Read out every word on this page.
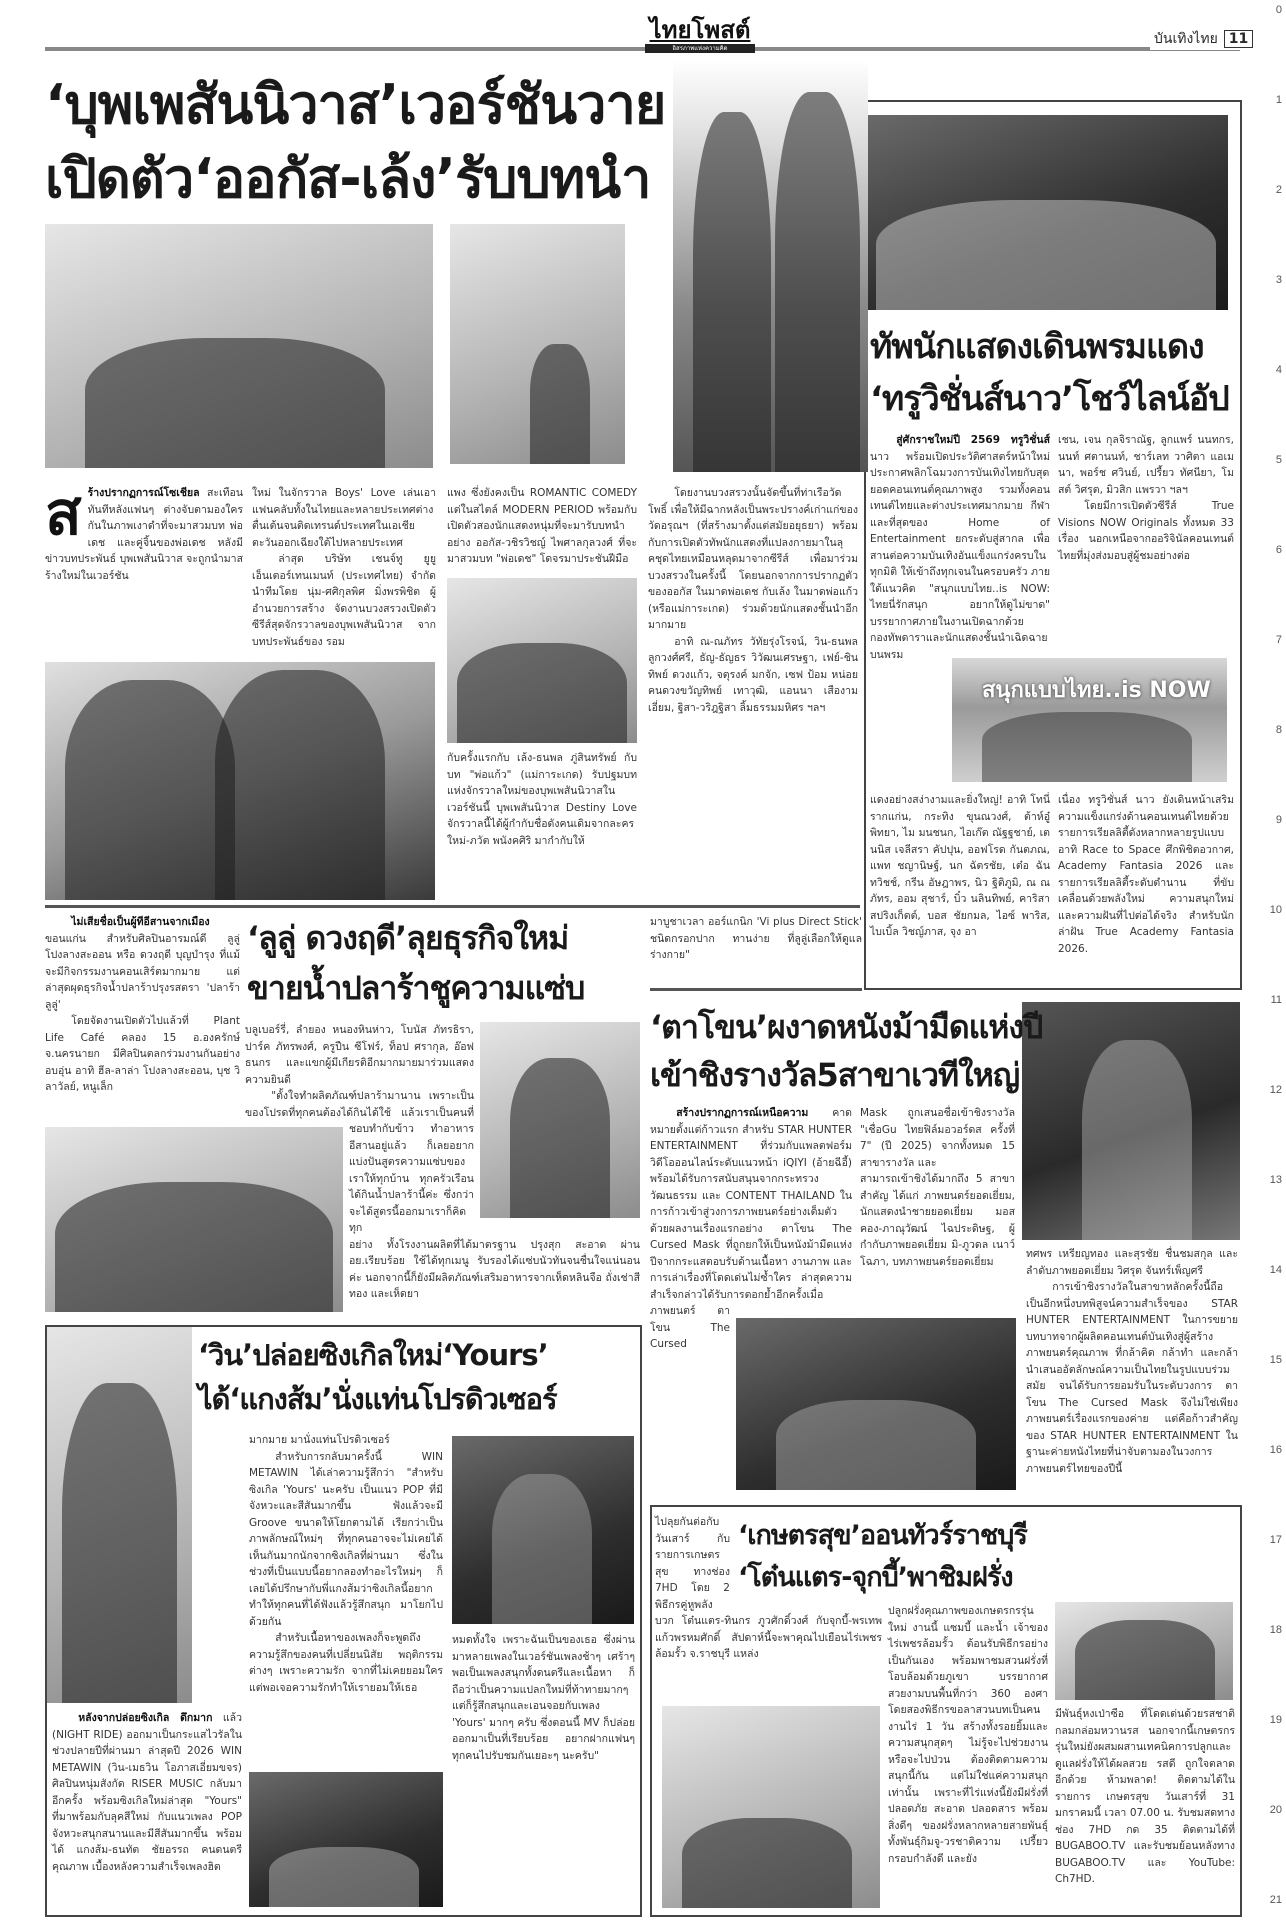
ไทยโพสต์
อิสรภาพแห่งความคิด
บันเทิงไทย 11
0
1
2
3
4
5
6
7
8
9
10
11
12
13
14
15
16
17
18
19
20
21
‘บุพเพสันนิวาส’เวอร์ชันวาย
เปิดตัว‘ออกัส-เล้ง’รับบทนำ
สร้างปรากฏการณ์โซเชียล สะเทือนทันทีหลังแฟนๆ ต่างจับตามองใครกันในภาพเงาดำที่จะมาสวมบท พ่อเดช และคู่จิ้นของพ่อเดช หลังมีข่าวบทประพันธ์ บุพเพสันนิวาส จะถูกนำมาสร้างใหม่ในเวอร์ชัน

ใหม่ ในจักรวาล Boys' Love เล่นเอาแฟนคลับทั้งในไทยและหลายประเทศต่างตื่นเต้นจนติดเทรนด์ประเทศในเอเชียตะวันออกเฉียงใต้ไปหลายประเทศ

ล่าสุด บริษัท เชนจ์ทู ยูยู เอ็นเตอร์เทนเมนท์ (ประเทศไทย) จำกัด นำทีมโดย นุ่ม-ศศิกุลพิศ มิ่งพรพิชิต ผู้อำนวยการสร้าง จัดงานบวงสรวงเปิดตัวซีรีส์สุดจักรวาลของบุพเพสันนิวาส จากบทประพันธ์ของ รอม

แพง ซึ่งยังคงเป็น ROMANTIC COMEDY แต่ในสไตล์ MODERN PERIOD พร้อมกับเปิดตัวสองนักแสดงหนุ่มที่จะมารับบทนำ อย่าง ออกัส-วชิรวิชญ์ ไพศาลกุลวงศ์ ที่จะมาสวมบท "พ่อเดช" โดจรมาประชันฝีมือ

กับครั้งแรกกับ เล้ง-ธนพล ภู่สินทรัพย์ กับบท "พ่อแก้ว" (แม่การะเกด) รับปฐมบทแห่งจักรวาลใหม่ของบุพเพสันนิวาสในเวอร์ชันนี้ บุพเพสันนิวาส Destiny Love จักรวาลนี้ได้ผู้กำกับชื่อดังคนเดิมจากละครใหม่-ภวัต พนังคศิริ มากำกับให้

โดยงานบวงสรวงนั้นจัดขึ้นที่ท่าเรือวัดโพธิ์ เพื่อให้มีฉากหลังเป็นพระปรางค์เก่าแก่ของวัดอรุณฯ (ที่สร้างมาตั้งแต่สมัยอยุธยา) พร้อมกับการเปิดตัวทัพนักแสดงที่แปลงกายมาในลุคชุดไทยเหมือนหลุดมาจากซีรีส์ เพื่อมาร่วมบวงสรวงในครั้งนี้ โดยนอกจากการปรากฏตัวของออกัส ในมาดพ่อเดช กับเล้ง ในมาดพ่อแก้ว (หรือแม่การะเกด) ร่วมด้วยนักแสดงชั้นนำอีกมากมาย

อาทิ ณ-ณภัทร วัทัยรุ่งโรจน์, วิน-ธนพล ลูกวงศ์ศรี, ธัญ-ธัญธร วิวัฒนเศรษฐา, เฟย์-ชินทิพย์ ดวงแก้ว, จตุรงค์ มกจัก, เซฟ ป้อม หน่อยคนดวงขวัญทิพย์ เทาวุฒิ, แอนนา เสืองามเอี่ยม, ฐิสา-วริฎฐิสา ลิ้มธรรมมหิศร ฯลฯ

ทัพนักแสดงเดินพรมแดง
‘ทรูวิชั่นส์นาว’โชว์ไลน์อัป

สู่ศักราชใหม่ปี 2569 ทรูวิชั่นส์ นาว พร้อมเปิดประวัติศาสตร์หน้าใหม่ ประกาศพลิกโฉมวงการบันเทิงไทยกับสุดยอดคอนเทนต์คุณภาพสูง รวมทั้งคอนเทนต์ไทยและต่างประเทศมากมาย กีฬา และที่สุดของ Home of Entertainment ยกระดับสู่สากล เพื่อสานต่อความบันเทิงอันแข็งแกร่งครบในทุกมิติ ให้เข้าถึงทุกเจนในครอบครัว ภายใต้แนวคิด "สนุกแบบไทย..is NOW: ไทยนี่รักสนุก อยากให้ดูไม่ขาด" บรรยากาศภายในงานเปิดฉากด้วยกองทัพดาราและนักแสดงชั้นนำเฉิดฉายบนพรม

สนุกแบบไทย..is NOW

แดงอย่างสง่างามและยิ่งใหญ่! อาทิ โทนี่ รากแก่น, กระทิง ขุนณวงศ์, ต้าห์อู๋ พิทยา, ไม มนชนก, ไอเก๊ต ณัฐฐชาย์, เตนนิส เจลีสรา คัปปุน, ออฟโรด กันตภณ, แพท ชญานิษฐ์, นก ฉัตรชัย, เต๋อ ฉันทวิชช์, กรีน อัษฎาพร, นิว ฐิติภูมิ, ณ ณภัทร, ออม สุชาร์, บิ๋ว นลินทิพย์, คาริสา สปริงเก็ตต์, บอส ชัยกมล, ไอซ์ พาริส, ไบเบิ้ล วิชญ์ภาส, จุง อา

เชน, เจน กุลจิราณัฐ, ลูกแพร์ นนทกร, นนท์ ศตานนท์, ชาร์เลท วาศิตา แอเมนา, พอร์ช ศวินย์, เปรี้ยว ทัศนียา, โมสต์ วิศรุต, มิวสิก แพรวา ฯลฯ

โดยมีการเปิดตัวซีรีส์ True Visions NOW Originals ทั้งหมด 33 เรื่อง นอกเหนือจากออริจินัลคอนเทนต์ไทยที่มุ่งส่งมอบสู่ผู้ชมอย่างต่อ

เนื่อง ทรูวิชั่นส์ นาว ยังเดินหน้าเสริมความแข็งแกร่งด้านคอนเทนต์ไทยด้วยรายการเรียลลิตี้ดังหลากหลายรูปแบบ อาทิ Race to Space ศึกพิชิตอวกาศ, Academy Fantasia 2026 และรายการเรียลลิตี้ระดับตำนาน ที่ขับเคลื่อนด้วยพลังใหม่ ความสนุกใหม่ และความฝันที่ไปต่อได้จริง สำหรับนักล่าฝัน True Academy Fantasia 2026.

ไม่เสียชื่อเป็นผู้ทีอีสานจากเมือง ขอนแก่น สำหรับศิลปินอารมณ์ดี ลูลู่ โปงลางสะออน หรือ ดวงฤดี บุญบำรุง ที่แม้จะมีกิจกรรมงานคอนเสิร์ตมากมาย แต่ล่าสุดผุดธุรกิจน้ำปลาร้าปรุงรสตรา 'ปลาร้าลูลู่'

โดยจัดงานเปิดตัวไปแล้วที่ Plant Life Café คลอง 15 อ.องครักษ์ จ.นครนายก มีศิลปินตลกร่วมงานกันอย่างอบอุ่น อาทิ ฮีล-ลาล่า โปงลางสะออน, บุช วิลาวัลย์, หนูเล็ก

‘ลูลู่ ดวงฤดี’ลุยธุรกิจใหม่
ขายน้ำปลาร้าชูความแซ่บ

บลูเบอร์รี่, ลำยอง หนองหินห่าว, โบนัส ภัทรธิรา, ปาร์ค ภัทรพงศ์, ครูปืน ซีโฟร์, ท็อป ศรากุล, อ๊อฟ ธนกร และแขกผู้มีเกียรติอีกมากมายมาร่วมแสดงความยินดี

"ตั้งใจทำผลิตภัณฑ์ปลาร้ามานาน เพราะเป็นของโปรดที่ทุกคนต้องได้กินได้ใช้ แล้วเราเป็นคนที่ชอบทำกับข้าว ทำอาหารอีสานอยู่แล้ว ก็เลยอยากแบ่งปันสูตรความแซ่บของเราให้ทุกบ้าน ทุกครัวเรือนได้กินน้ำปลาร้านี้ค่ะ ซึ่งกว่าจะได้สูตรนี้ออกมาเราก็คิดทุก

อย่าง ทั้งโรงงานผลิตที่ได้มาตรฐาน ปรุงสุก สะอาด ผ่าน อย.เรียบร้อย ใช้ได้ทุกเมนู รับรองได้แซ่บนัวทันจนชื่นใจแน่นอนค่ะ นอกจากนี้ก็ยังมีผลิตภัณฑ์เสริมอาหารจากเห็ดหลินจือ ถั่งเช่าสีทอง และเห็ดยา

มาบูชาเวลา ออร์แกนิก 'Vi plus Direct Stick' ชนิดกรอกปาก ทานง่าย ที่ลูลู่เลือกให้ดูแลร่างกาย"

‘ตาโขน’ผงาดหนังม้ามืดแห่งปี
เข้าชิงรางวัล5สาขาเวทีใหญ่

สร้างปรากฏการณ์เหนือความ คาดหมายตั้งแต่ก้าวแรก สำหรับ STAR HUNTER ENTERTAINMENT ที่ร่วมกับแพลตฟอร์มวิดีโอออนไลน์ระดับแนวหน้า iQIYI (อ้ายฉีอี้) พร้อมได้รับการสนับสนุนจากกระทรวงวัฒนธรรม และ CONTENT THAILAND ในการก้าวเข้าสู่วงการภาพยนตร์อย่างเต็มตัว ด้วยผลงานเรื่องแรกอย่าง ตาโขน The Cursed Mask ที่ถูกยกให้เป็นหนังม้ามืดแห่งปีจากกระแสตอบรับด้านเนื้อหา งานภาพ และการเล่าเรื่องที่โดดเด่นไม่ซ้ำใคร ล่าสุดความสำเร็จกล่าวได้รับการตอกย้ำอีกครั้งเมื่อภาพยนตร์ ตาโขน The Cursed

Mask ถูกเสนอชื่อเข้าชิงรางวัล "เชื่อGu ไทยฟิล์มอวอร์ดส ครั้งที่ 7" (ปี 2025) จากทั้งหมด 15 สาขารางวัล และ

สามารถเข้าชิงได้มากถึง 5 สาขาสำคัญ ได้แก่ ภาพยนตร์ยอดเยี่ยม, นักแสดงนำชายยอดเยี่ยม มอสคอง-ภาณุวัฒน์ ไฉประดิษฐ, ผู้กำกับภาพยอดเยี่ยม มิ-ภูวดล เนาว์โฉภา, บทภาพยนตร์ยอดเยี่ยม

ทศพร เหรียญทอง และสุรชัย ชื่นชมสกุล และลำดับภาพยอดเยี่ยม วิศรุต จันทร์เพ็ญศรี

การเข้าชิงรางวัลในสาขาหลักครั้งนี้ถือเป็นอีกหนึ่งบทพิสูจน์ความสำเร็จของ STAR HUNTER ENTERTAINMENT ในการขยายบทบาทจากผู้ผลิตคอนเทนต์บันเทิงสู่ผู้สร้างภาพยนตร์คุณภาพ ที่กล้าคิด กล้าทำ และกล้านำเสนออัตลักษณ์ความเป็นไทยในรูปแบบร่วมสมัย จนได้รับการยอมรับในระดับวงการ ตาโขน The Cursed Mask จึงไม่ใช่เพียงภาพยนตร์เรื่องแรกของค่าย แต่คือก้าวสำคัญของ STAR HUNTER ENTERTAINMENT ในฐานะค่ายหนังไทยที่น่าจับตามองในวงการภาพยนตร์ไทยของปีนี้

‘วิน’ปล่อยซิงเกิลใหม่‘Yours’
ได้‘แกงส้ม’นั่งแท่นโปรดิวเซอร์

หลังจากปล่อยซิงเกิล ดึกมาก แล้ว (NIGHT RIDE) ออกมาเป็นกระแสไวรัลในช่วงปลายปีที่ผ่านมา ล่าสุดปี 2026 WIN METAWIN (วิน-เมธวิน โอภาสเอี่ยมขจร) ศิลปินหนุ่มสังกัด RISER MUSIC กลับมาอีกครั้ง พร้อมซิงเกิลใหม่ล่าสุด "Yours" ที่มาพร้อมกับลุคสีใหม่ กับแนวเพลง POP จังหวะสนุกสนานและมีสีสันมากขึ้น พร้อมได้ แกงส้ม-ธนทัต ชัยอรรถ คนดนตรีคุณภาพ เบื้องหลังความสำเร็จเพลงฮิต

มากมาย มานั่งแท่นโปรดิวเซอร์

สำหรับการกลับมาครั้งนี้ WIN METAWIN ได้เล่าความรู้สึกว่า "สำหรับซิงเกิล 'Yours' นะครับ เป็นแนว POP ที่มีจังหวะและสีสันมากขึ้น ฟังแล้วจะมี Groove ขนาดให้โยกตามได้ เรียกว่าเป็นภาพลักษณ์ใหม่ๆ ที่ทุกคนอาจจะไม่เคยได้เห็นกันมากนักจากซิงเกิลที่ผ่านมา ซึ่งในช่วงที่เป็นแบบนี้อยากลองทำอะไรใหม่ๆ ก็เลยได้ปรึกษากับพี่แกงส้มว่าซิงเกิลนี้อยากทำให้ทุกคนที่ได้ฟังแล้วรู้สึกสนุก มาโยกไปด้วยกัน

สำหรับเนื้อหาของเพลงก็จะพูดถึงความรู้สึกของคนที่เปลี่ยนนิสัย พฤติกรรมต่างๆ เพราะความรัก จากที่ไม่เคยยอมใคร แต่พอเจอความรักทำให้เรายอมให้เธอ

หมดทั้งใจ เพราะฉันเป็นของเธอ ซึ่งผ่านมาหลายเพลงในเวอร์ชันเพลงช้าๆ เศร้าๆ พอเป็นเพลงสนุกทั้งดนตรีและเนื้อหา ก็ถือว่าเป็นความแปลกใหม่ที่ท้าทายมากๆ แต่ก็รู้สึกสนุกและเอนจอยกับเพลง 'Yours' มากๆ ครับ ซึ่งตอนนี้ MV ก็ปล่อยออกมาเป็นที่เรียบร้อย อยากฝากแฟนๆ ทุกคนไปรับชมกันเยอะๆ นะครับ"

ไปลุยกันต่อกับวันเสาร์ กับรายการเกษตรสุข ทางช่อง 7HD โดย 2 พิธีกรคู่หูพลังบวก โต๋นแตร-ทินกร ภูวศักดิ์วงศ์ กับจุกบี้-พรเทพ แก้วพรหมศักดิ์ สัปดาห์นี้จะพาคุณไปเยือนไร่เพชรล้อมรั้ว จ.ราชบุรี แหล่ง

‘เกษตรสุข’ออนทัวร์ราชบุรี
‘โต๋นแตร-จุกบี้’พาชิมฝรั่ง

ปลูกฝรั่งคุณภาพของเกษตรกรรุ่นใหม่ งานนี้ แซมบี้ และน้ำ เจ้าของไร่เพชรล้อมรั้ว ต้อนรับพิธีกรอย่างเป็นกันเอง พร้อมพาชมสวนฝรั่งที่โอบล้อมด้วยภูเขา บรรยากาศสวยงามบนพื้นที่กว่า 360 องศา โดยสองพิธีกรขอลาสวนบทเป็นคนงานไร่ 1 วัน สร้างทั้งรอยยิ้มและความสนุกสุดๆ ไม่รู้จะไปช่วยงานหรือจะไปป่วน ต้องติดตามความสนุกนี้กัน แต่ไม่ใช่แค่ความสนุกเท่านั้น เพราะที่ไร่แห่งนี้ยังมีฝรั่งที่ปลอดภัย สะอาด ปลอดสาร พร้อมสิ่งดีๆ ของฝรั่งหลากหลายสายพันธุ์ ทั้งพันธุ์กิมจู-วรชาติความ เปรี้ยว กรอบกำลังดี และยัง

มีพันธุ์หงเป่าซือ ที่โดดเด่นด้วยรสชาติกลมกล่อมหวานรส นอกจากนี้เกษตรกรรุ่นใหม่ยังผสมผสานเทคนิคการปลูกและดูแลฝรั่งให้ได้ผลสวย รสดี ถูกใจตลาดอีกด้วย ห้ามพลาด! ติดตามได้ในรายการ เกษตรสุข วันเสาร์ที่ 31 มกราคมนี้ เวลา 07.00 น. รับชมสดทางช่อง 7HD กด 35 ติดตามได้ที่ BUGABOO.TV และรับชมย้อนหลังทาง BUGABOO.TV และ YouTube: Ch7HD.
